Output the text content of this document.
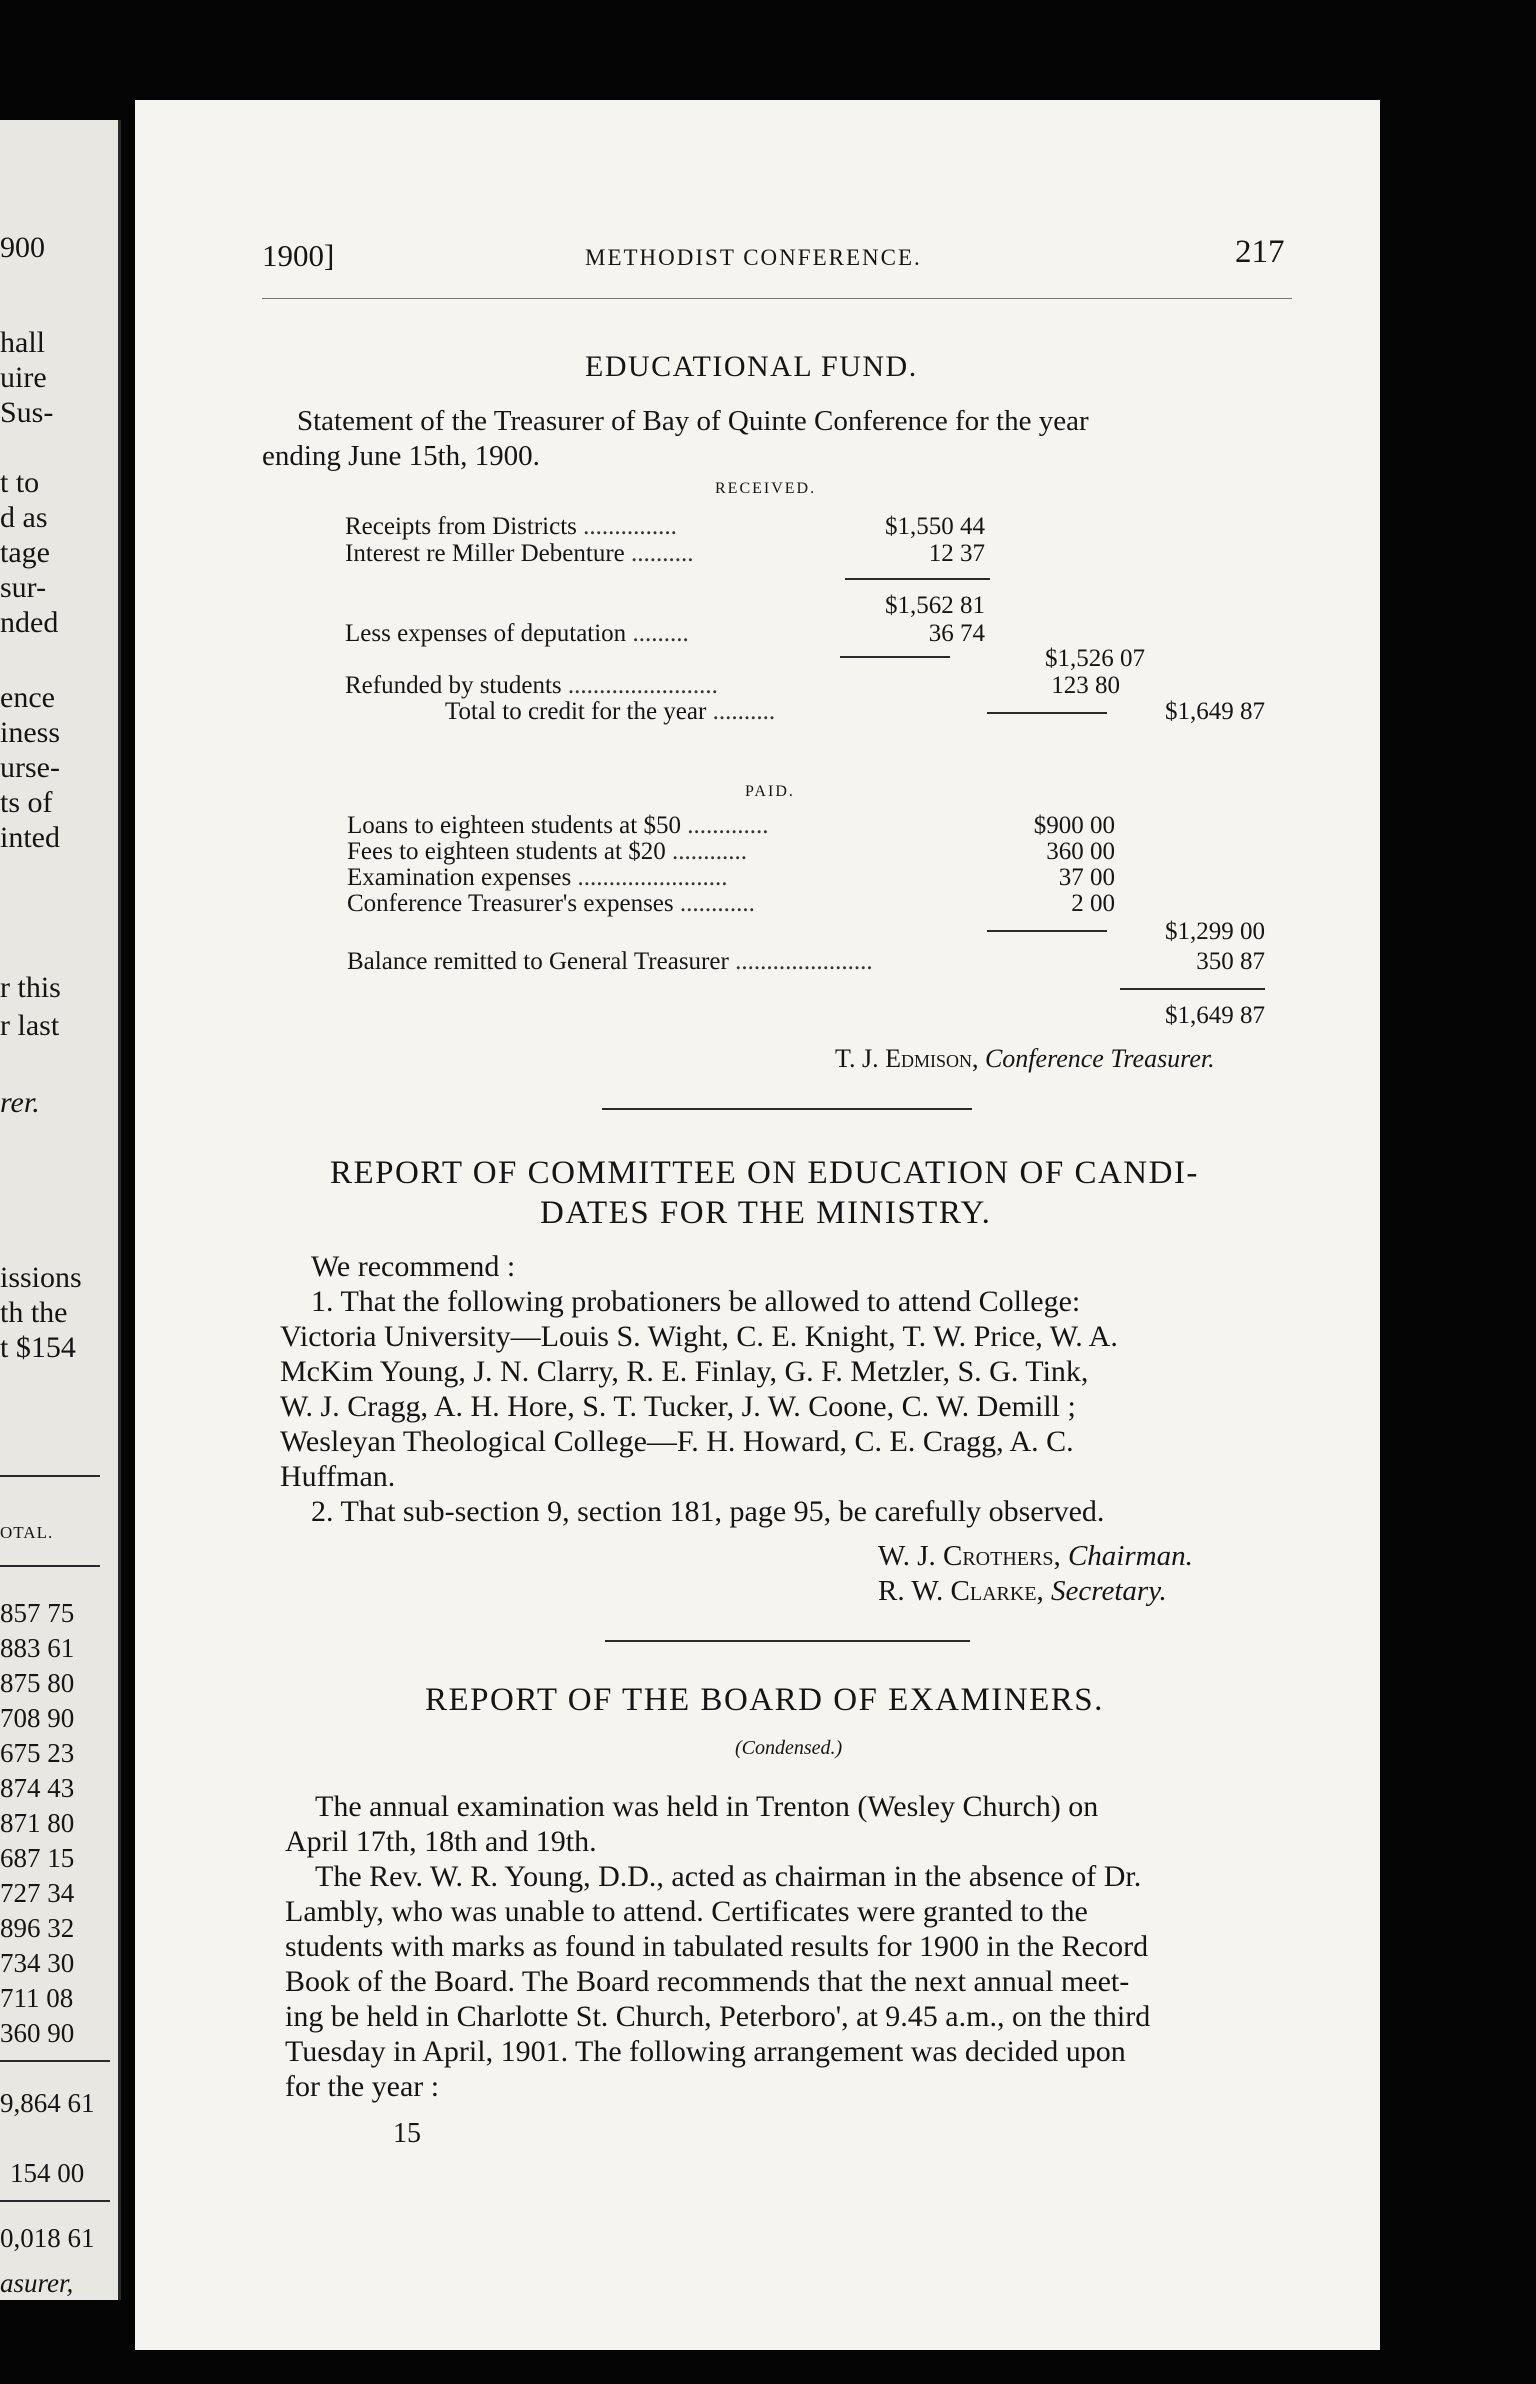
900
hall
uire
Sus-
t to
d as
tage
sur-
nded
ence
iness
urse-
ts of
inted
r this
r last
rer.
issions
th the
t $154
OTAL.
857 75
883 61
875 80
708 90
675 23
874 43
871 80
687 15
727 34
896 32
734 30
711 08
360 90
9,864 61
154 00
0,018 61
asurer,
1900]	METHODIST CONFERENCE.	217
EDUCATIONAL FUND.
Statement of the Treasurer of Bay of Quinte Conference for the year
ending June 15th, 1900.
RECEIVED.
Receipts from Districts ...............	$1,550 44
Interest re Miller Debenture ..........	12 37
$1,562 81
Less expenses of deputation .........	36 74
$1,526 07
Refunded by students ........................	123 80
Total to credit for the year ..........	$1,649 87
PAID.
Loans to eighteen students at $50 .............	$900 00
Fees to eighteen students at $20 ............	360 00
Examination expenses ........................	37 00
Conference Treasurer's expenses ............	2 00
$1,299 00
Balance remitted to General Treasurer ......................	350 87
$1,649 87
T. J. Edmison, Conference Treasurer.
REPORT OF COMMITTEE ON EDUCATION OF CANDI-
DATES FOR THE MINISTRY.
We recommend :
1. That the following probationers be allowed to attend College:
Victoria University—Louis S. Wight, C. E. Knight, T. W. Price, W. A.
McKim Young, J. N. Clarry, R. E. Finlay, G. F. Metzler, S. G. Tink,
W. J. Cragg, A. H. Hore, S. T. Tucker, J. W. Coone, C. W. Demill ;
Wesleyan Theological College—F. H. Howard, C. E. Cragg, A. C.
Huffman.
2. That sub-section 9, section 181, page 95, be carefully observed.
W. J. Crothers, Chairman.
R. W. Clarke, Secretary.
REPORT OF THE BOARD OF EXAMINERS.
(Condensed.)
The annual examination was held in Trenton (Wesley Church) on
April 17th, 18th and 19th.
The Rev. W. R. Young, D.D., acted as chairman in the absence of Dr.
Lambly, who was unable to attend. Certificates were granted to the
students with marks as found in tabulated results for 1900 in the Record
Book of the Board. The Board recommends that the next annual meet-
ing be held in Charlotte St. Church, Peterboro', at 9.45 a.m., on the third
Tuesday in April, 1901. The following arrangement was decided upon
for the year :
15
